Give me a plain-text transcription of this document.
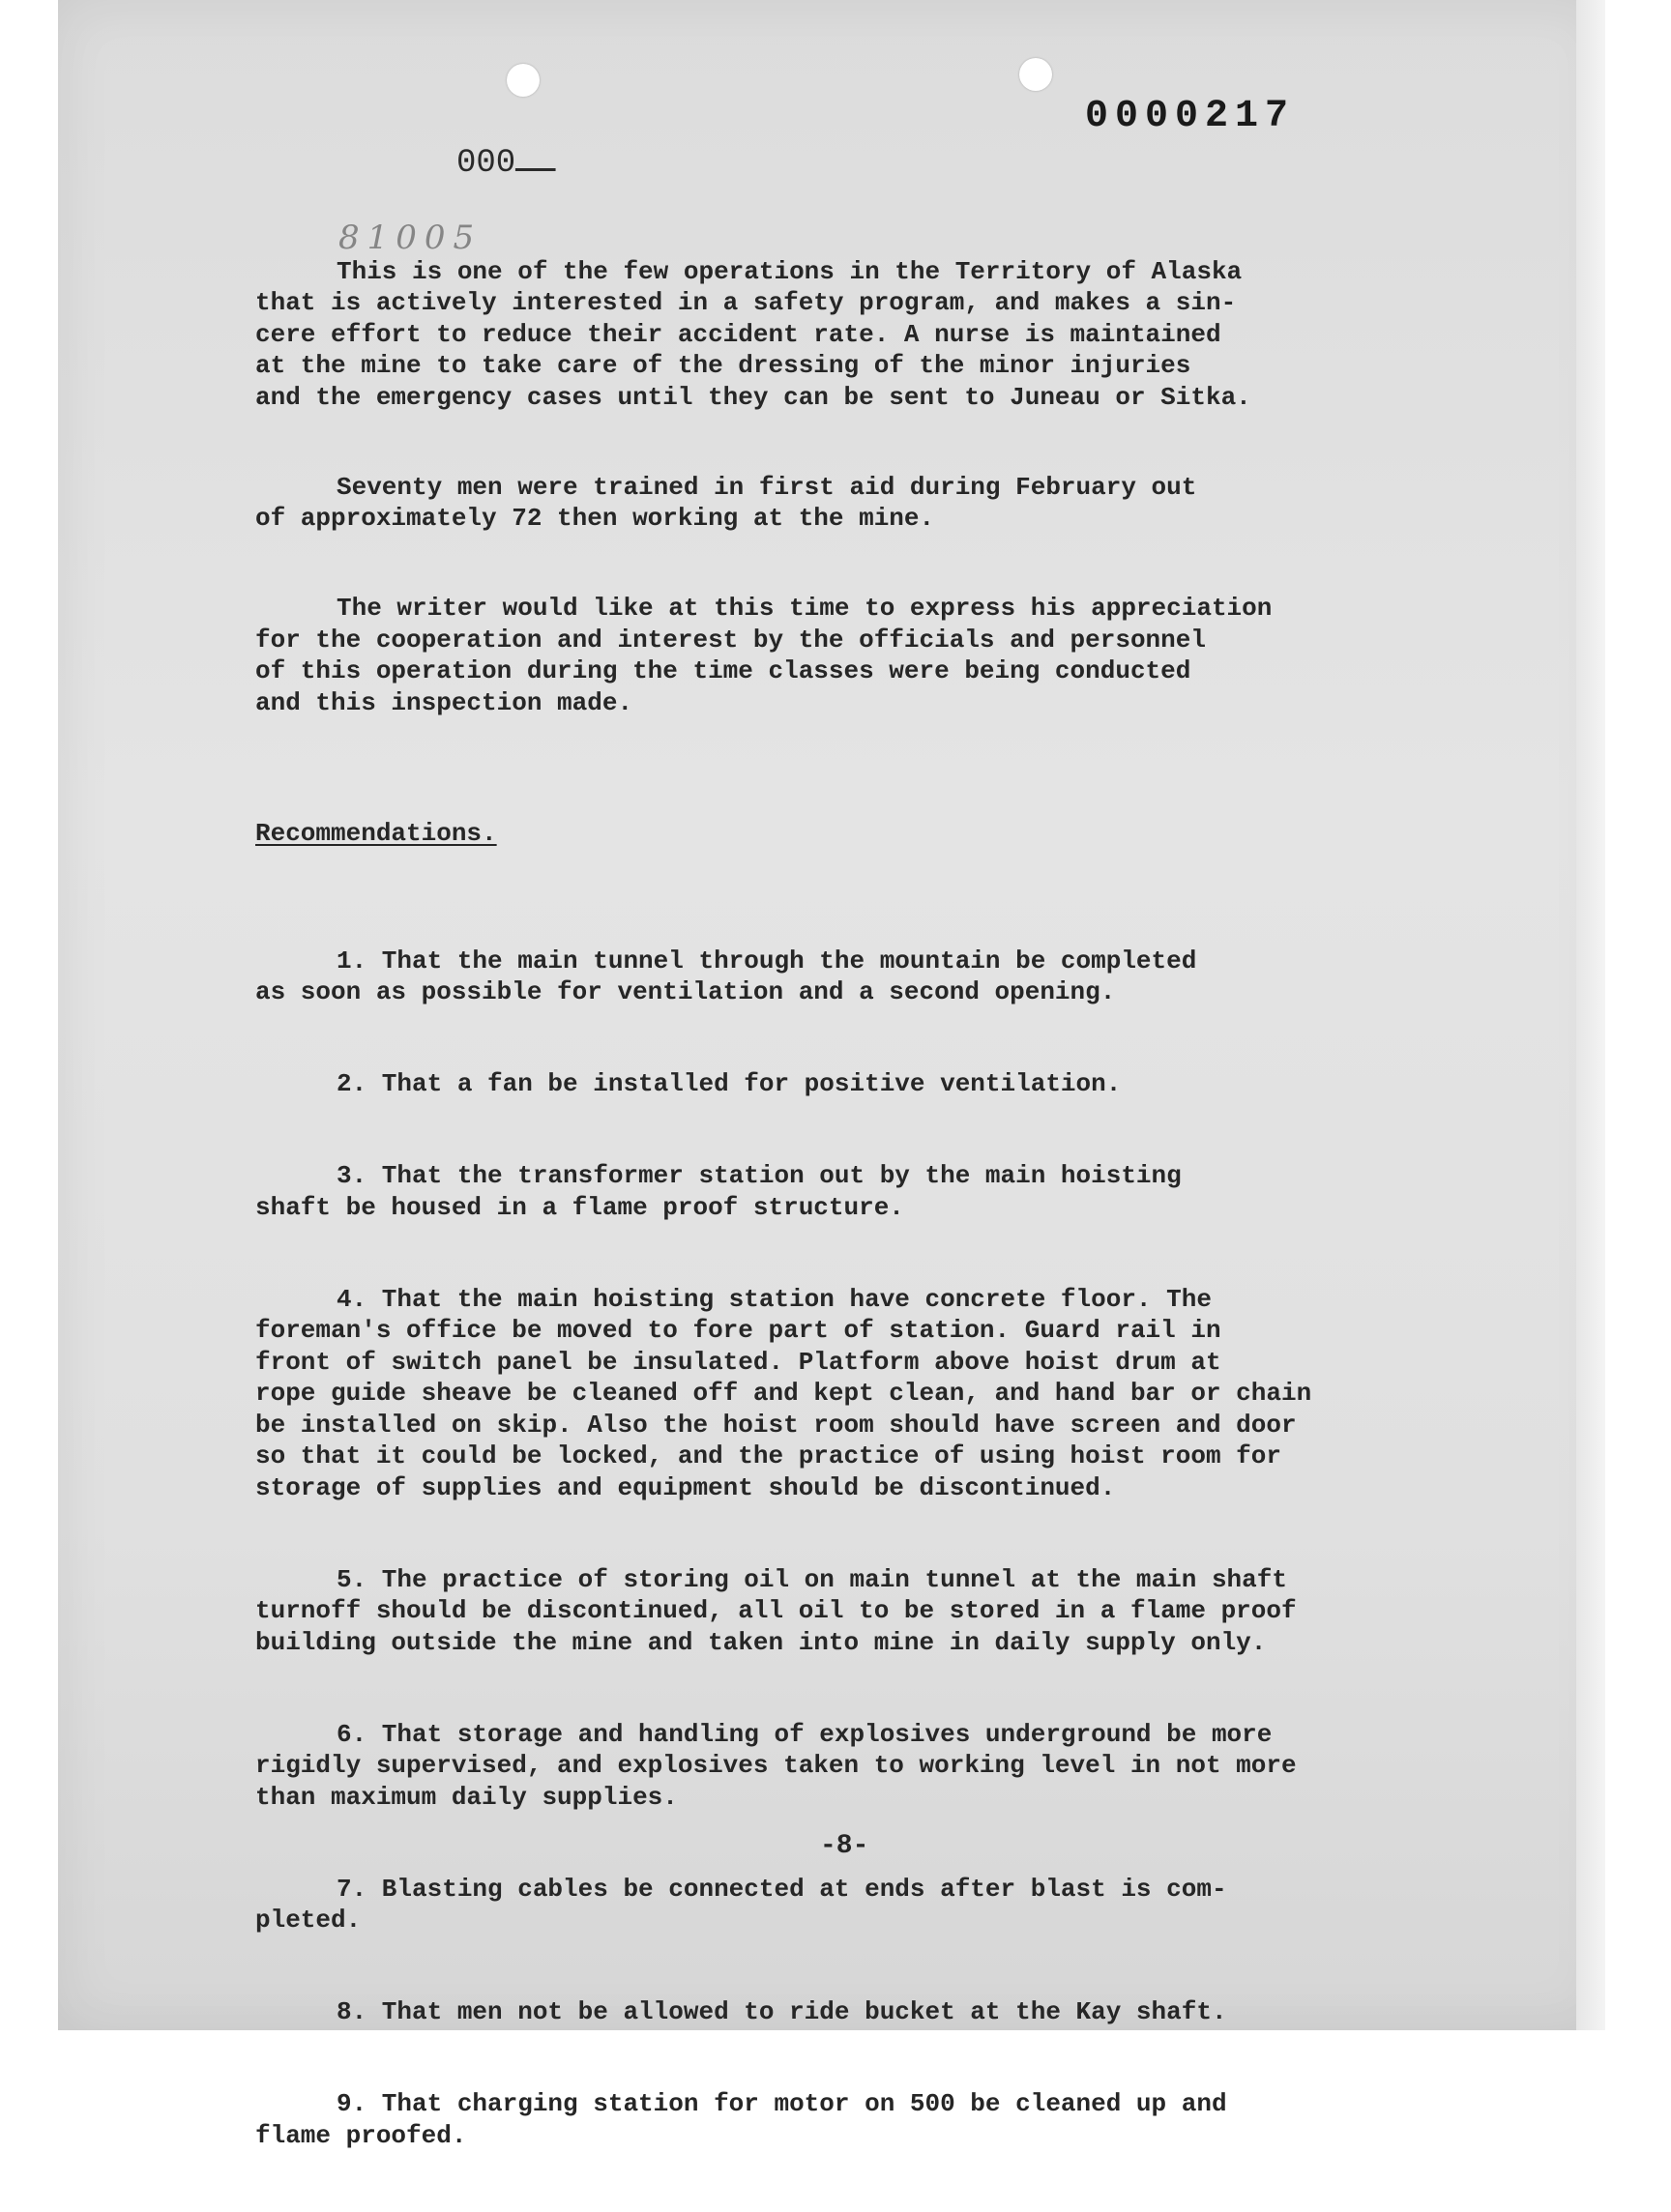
0000217
ــ000
81005

This is one of the few operations in the Territory of Alaska
that is actively interested in a safety program, and makes a sin-
cere effort to reduce their accident rate. A nurse is maintained
at the mine to take care of the dressing of the minor injuries
and the emergency cases until they can be sent to Juneau or Sitka.

Seventy men were trained in first aid during February out
of approximately 72 then working at the mine.

The writer would like at this time to express his appreciation
for the cooperation and interest by the officials and personnel
of this operation during the time classes were being conducted
and this inspection made.

Recommendations.

1. That the main tunnel through the mountain be completed
as soon as possible for ventilation and a second opening.

2. That a fan be installed for positive ventilation.

3. That the transformer station out by the main hoisting
shaft be housed in a flame proof structure.

4. That the main hoisting station have concrete floor. The
foreman's office be moved to fore part of station. Guard rail in
front of switch panel be insulated. Platform above hoist drum at
rope guide sheave be cleaned off and kept clean, and hand bar or chain
be installed on skip. Also the hoist room should have screen and door
so that it could be locked, and the practice of using hoist room for
storage of supplies and equipment should be discontinued.

5. The practice of storing oil on main tunnel at the main shaft
turnoff should be discontinued, all oil to be stored in a flame proof
building outside the mine and taken into mine in daily supply only.

6. That storage and handling of explosives underground be more
rigidly supervised, and explosives taken to working level in not more
than maximum daily supplies.

7. Blasting cables be connected at ends after blast is com-
pleted.

8. That men not be allowed to ride bucket at the Kay shaft.

9. That charging station for motor on 500 be cleaned up and
flame proofed.

-8-
